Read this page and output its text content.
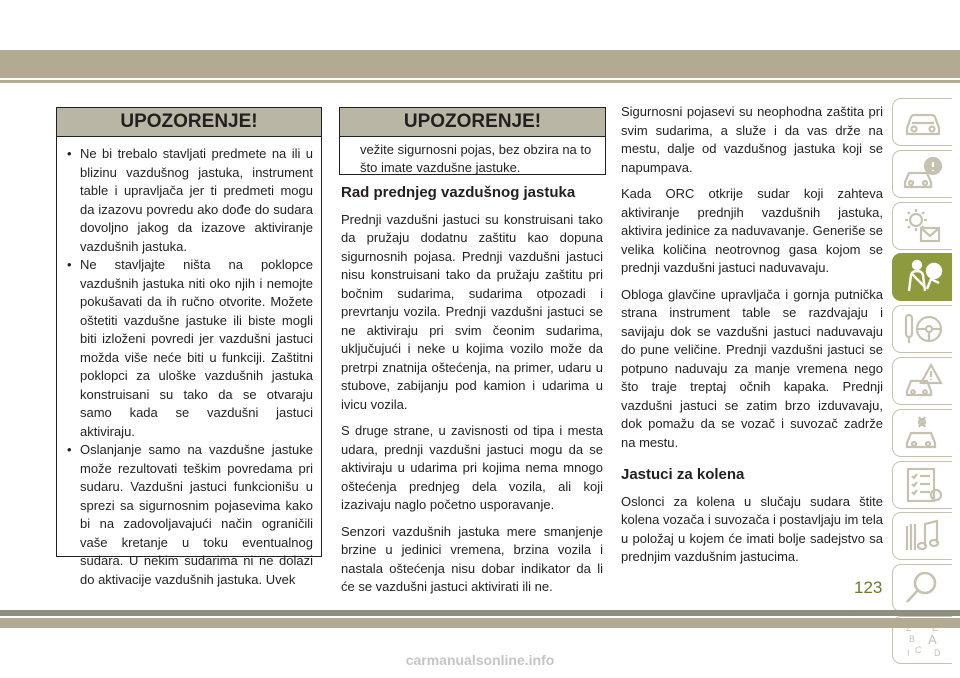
UPOZORENJE!
• Ne bi trebalo stavljati predmete na ili u blizinu vazdušnog jastuka, instrument table i upravljača jer ti predmeti mogu da izazovu povredu ako dođe do sudara dovoljno jakog da izazove aktiviranje vazdušnih jastuka.
• Ne stavljajte ništa na poklopce vazdušnih jastuka niti oko njih i nemojte pokušavati da ih ručno otvorite. Možete oštetiti vazdušne jastuke ili biste mogli biti izloženi povredi jer vazdušni jastuci možda više neće biti u funkciji. Zaštitni poklopci za uloške vazdušnih jastuka konstruisani su tako da se otvaraju samo kada se vazdušni jastuci aktiviraju.
• Oslanjanje samo na vazdušne jastuke može rezultovati teškim povredama pri sudaru. Vazdušni jastuci funkcionišu u sprezi sa sigurnosnim pojasevima kako bi na zadovoljavajući način ograničili vaše kretanje u toku eventualnog sudara. U nekim sudarima ni ne dolazi do aktivacije vazdušnih jastuka. Uvek
UPOZORENJE!
vežite sigurnosni pojas, bez obzira na to što imate vazdušne jastuke.
Rad prednjeg vazdušnog jastuka

Prednji vazdušni jastuci su konstruisani tako da pružaju dodatnu zaštitu kao dopuna sigurnosnih pojasa. Prednji vazdušni jastuci nisu konstruisani tako da pružaju zaštitu pri bočnim sudarima, sudarima otpozadi i prevrtanju vozila. Prednji vazdušni jastuci se ne aktiviraju pri svim čeonim sudarima, uključujući i neke u kojima vozilo može da pretrpi znatnija oštećenja, na primer, udaru u stubove, zabijanju pod kamion i udarima u ivicu vozila.

S druge strane, u zavisnosti od tipa i mesta udara, prednji vazdušni jastuci mogu da se aktiviraju u udarima pri kojima nema mnogo oštećenja prednjeg dela vozila, ali koji izazivaju naglo početno usporavanje.

Senzori vazdušnih jastuka mere smanjenje brzine u jedinici vremena, brzina vozila i nastala oštećenja nisu dobar indikator da li će se vazdušni jastuci aktivirati ili ne.

Sigurnosni pojasevi su neophodna zaštita pri svim sudarima, a služe i da vas drže na mestu, dalje od vazdušnog jastuka koji se napumpava.

Kada ORC otkrije sudar koji zahteva aktiviranje prednjih vazdušnih jastuka, aktivira jedinice za naduvavanje. Generiše se velika količina neotrovnog gasa kojom se prednji vazdušni jastuci naduvavaju.

Obloga glavčine upravljača i gornja putnička strana instrument table se razdvajaju i savijaju dok se vazdušni jastuci naduvavaju do pune veličine. Prednji vazdušni jastuci se potpuno naduvaju za manje vremena nego što traje treptaj očnih kapaka. Prednji vazdušni jastuci se zatim brzo izduvavaju, dok pomažu da se vozač i suvozač zadrže na mestu.

Jastuci za kolena

Oslonci za kolena u slučaju sudara štite kolena vozača i suvozača i postavljaju im tela u položaj u kojem će imati bolje sadejstvo sa prednjim vazdušnim jastucima.

B A
C
I	D
123
carmanualsonline.info
